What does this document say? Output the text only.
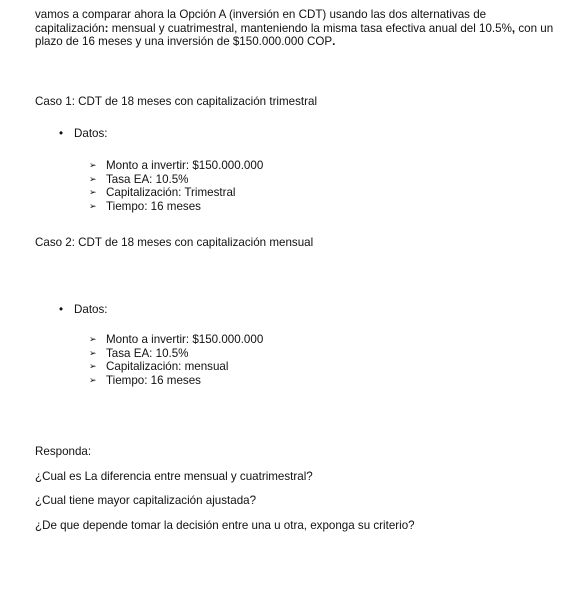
vamos a comparar ahora la Opción A (inversión en CDT) usando las dos alternativas de capitalización: mensual y cuatrimestral, manteniendo la misma tasa efectiva anual del 10.5%, con un plazo de 16 meses y una inversión de $150.000.000 COP.

Caso 1: CDT de 18 meses con capitalización trimestral

• Datos:
➢ Monto a invertir: $150.000.000
➢ Tasa EA: 10.5%
➢ Capitalización: Trimestral
➢ Tiempo: 16 meses

Caso 2: CDT de 18 meses con capitalización mensual

• Datos:
➢ Monto a invertir: $150.000.000
➢ Tasa EA: 10.5%
➢ Capitalización: mensual
➢ Tiempo: 16 meses
Responda:
¿Cual es La diferencia entre mensual y cuatrimestral?
¿Cual tiene mayor capitalización ajustada?
¿De que depende tomar la decisión entre una u otra, exponga su criterio?
